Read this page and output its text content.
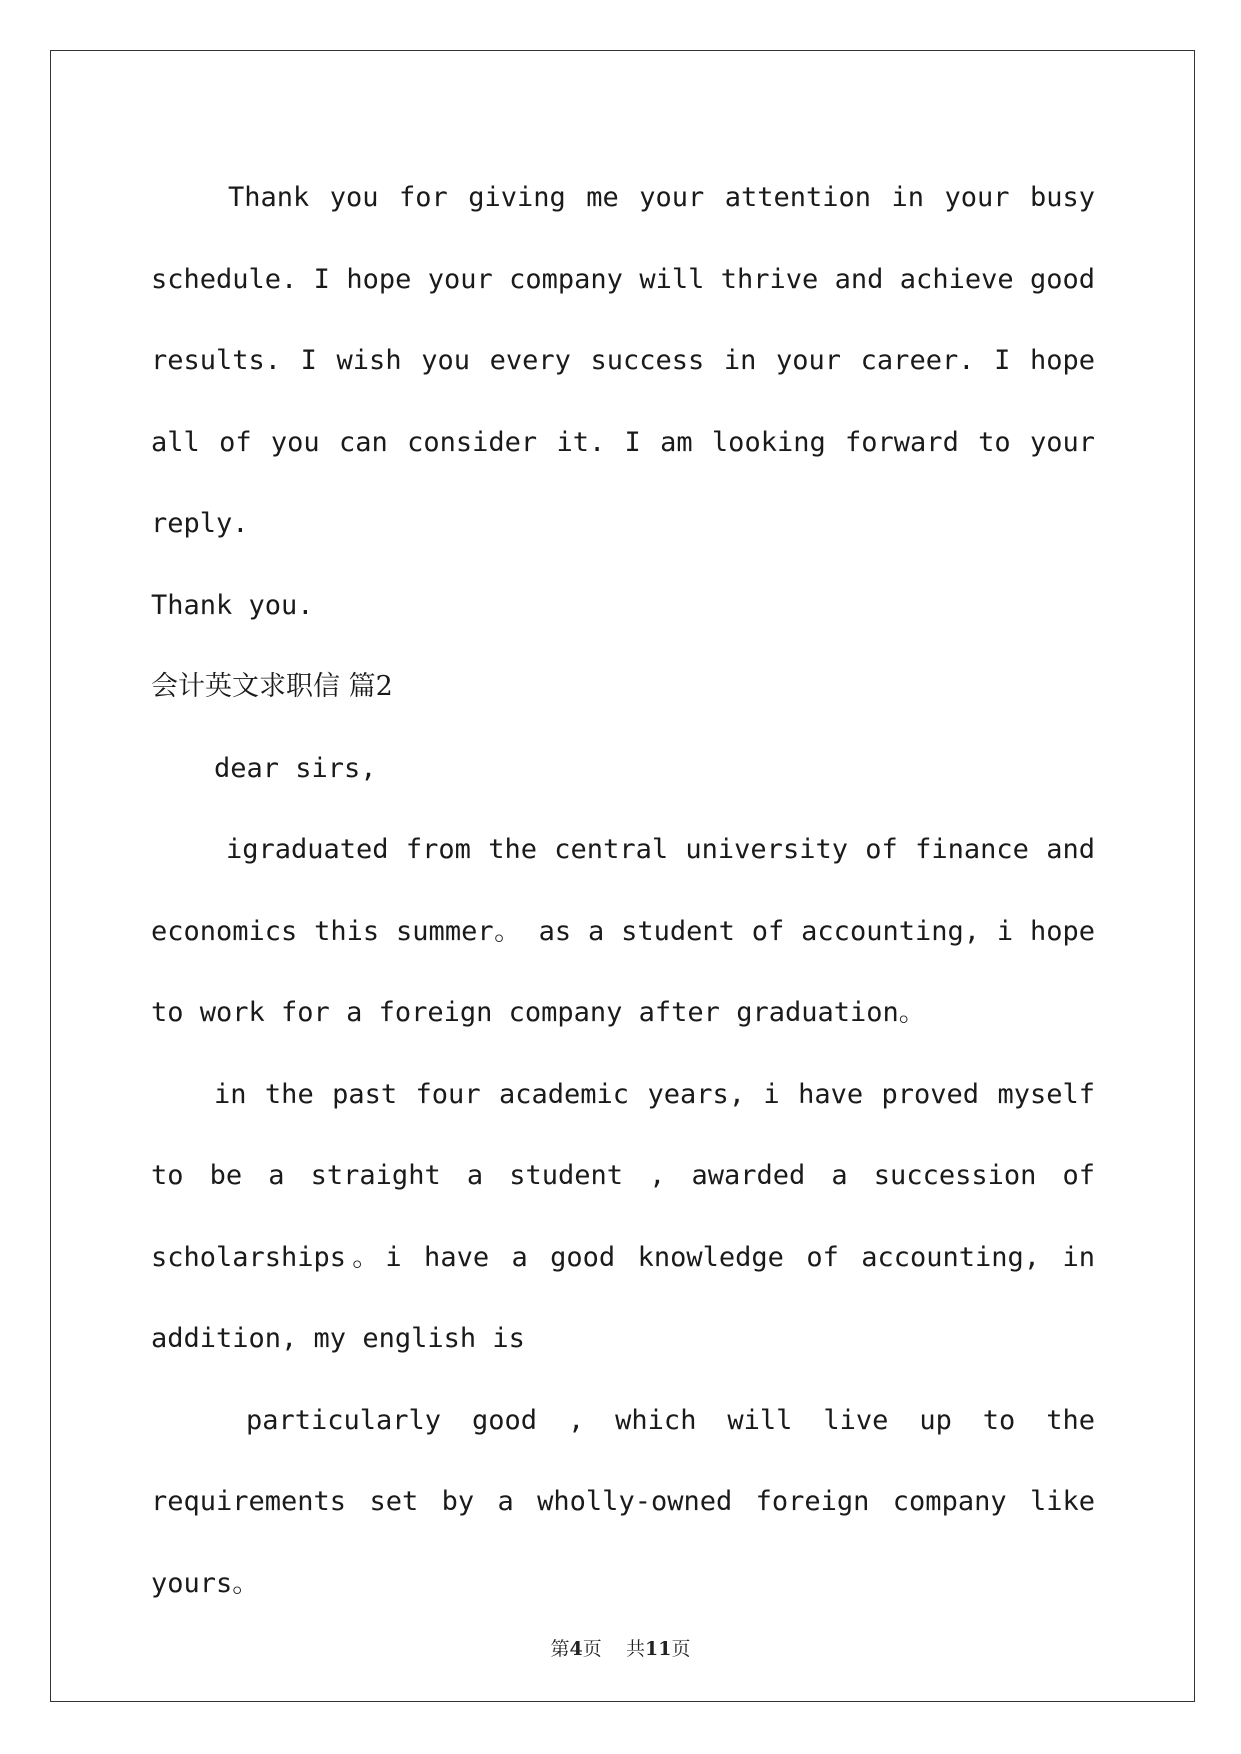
Thank you for giving me your attention in your busy schedule. I hope your company will thrive and achieve good results. I wish you every success in your career. I hope all of you can consider it. I am looking forward to your reply.

Thank you.

会计英文求职信 篇2

dear sirs,

igraduated from the central university of finance and economics this summer。 as a student of accounting, i hope to work for a foreign company after graduation。

in the past four academic years, i have proved myself to be a straight a student , awarded a succession of scholarships。i have a good knowledge of accounting, in addition, my english is

particularly good , which will live up to the requirements set by a wholly-owned foreign company like yours。

第4页 共11页
